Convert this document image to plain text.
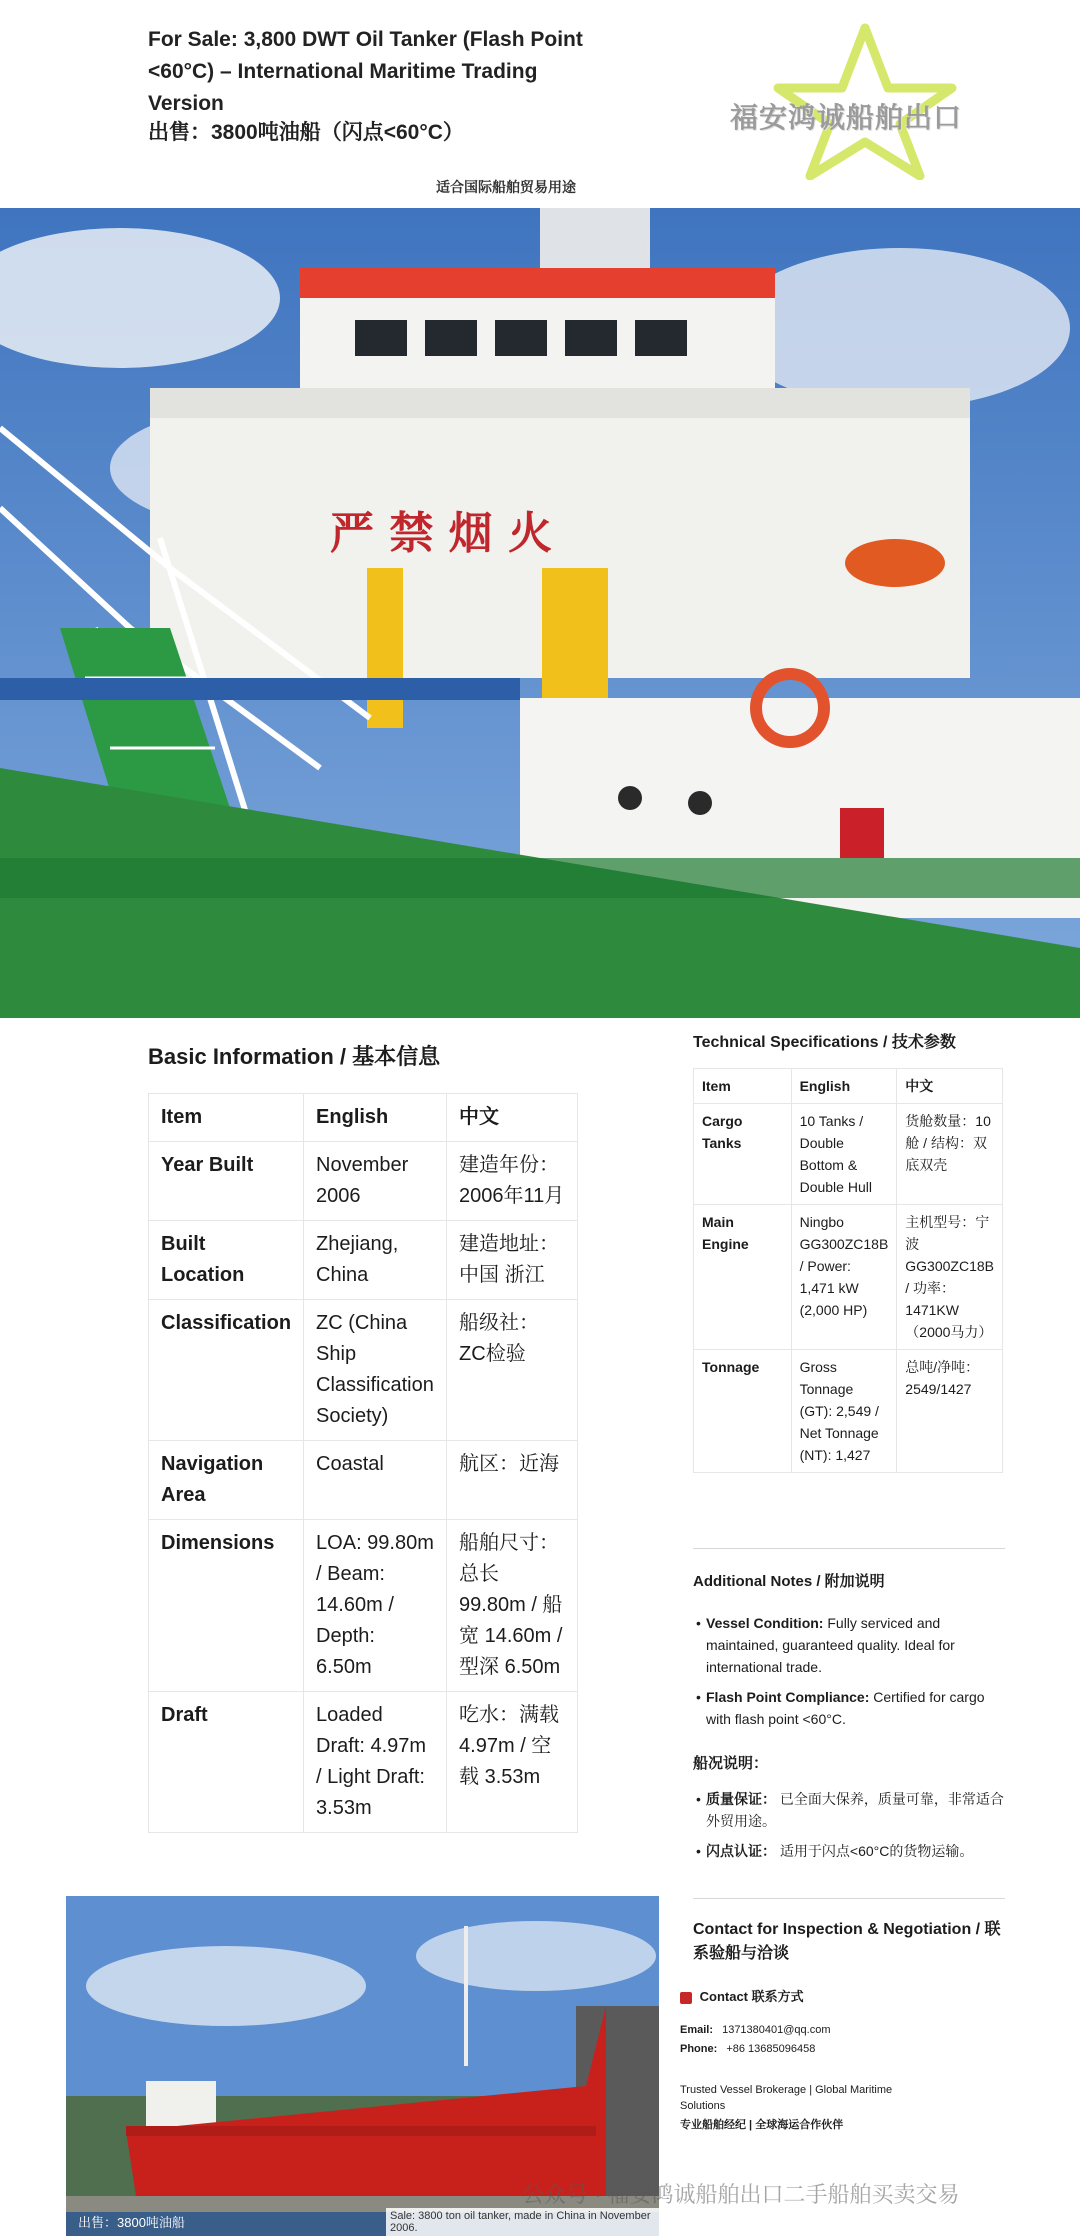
For Sale: 3,800 DWT Oil Tanker (Flash Point <60°C) – International Maritime Trading Version
出售：3800吨油船（闪点<60°C）
适合国际船舶贸易用途
福安鸿诚船舶出口
严 禁 烟 火
Basic Information / 基本信息
Item	English	中文
Year Built	November 2006	建造年份：2006年11月
Built Location	Zhejiang, China	建造地址：中国 浙江
Classification	ZC (China Ship Classification Society)	船级社：ZC检验
Navigation Area	Coastal	航区：近海
Dimensions	LOA: 99.80m / Beam: 14.60m / Depth: 6.50m	船舶尺寸：总长 99.80m / 船宽 14.60m / 型深 6.50m
Draft	Loaded Draft: 4.97m / Light Draft: 3.53m	吃水：满载 4.97m / 空载 3.53m
Technical Specifications / 技术参数
Item	English	中文
Cargo Tanks	10 Tanks / Double Bottom & Double Hull	货舱数量：10舱 / 结构：双底双壳
Main Engine	Ningbo GG300ZC18B / Power: 1,471 kW (2,000 HP)	主机型号：宁波 GG300ZC18B / 功率：1471KW（2000马力）
Tonnage	Gross Tonnage (GT): 2,549 / Net Tonnage (NT): 1,427	总吨/净吨：2549/1427
Additional Notes / 附加说明
• Vessel Condition: Fully serviced and maintained, guaranteed quality. Ideal for international trade.
• Flash Point Compliance: Certified for cargo with flash point <60°C.
船况说明：
• 质量保证： 已全面大保养，质量可靠，非常适合外贸用途。
• 闪点认证： 适用于闪点<60°C的货物运输。
出售：3800吨油船	Sale: 3800 ton oil tanker, made in China in November 2006.
Contact for Inspection & Negotiation / 联系验船与洽谈
Contact 联系方式
Email: 1371380401@qq.com
Phone: +86 13685096458
Trusted Vessel Brokerage | Global Maritime Solutions
专业船舶经纪 | 全球海运合作伙伴
公众号 · 福安鸿诚船舶出口二手船舶买卖交易
